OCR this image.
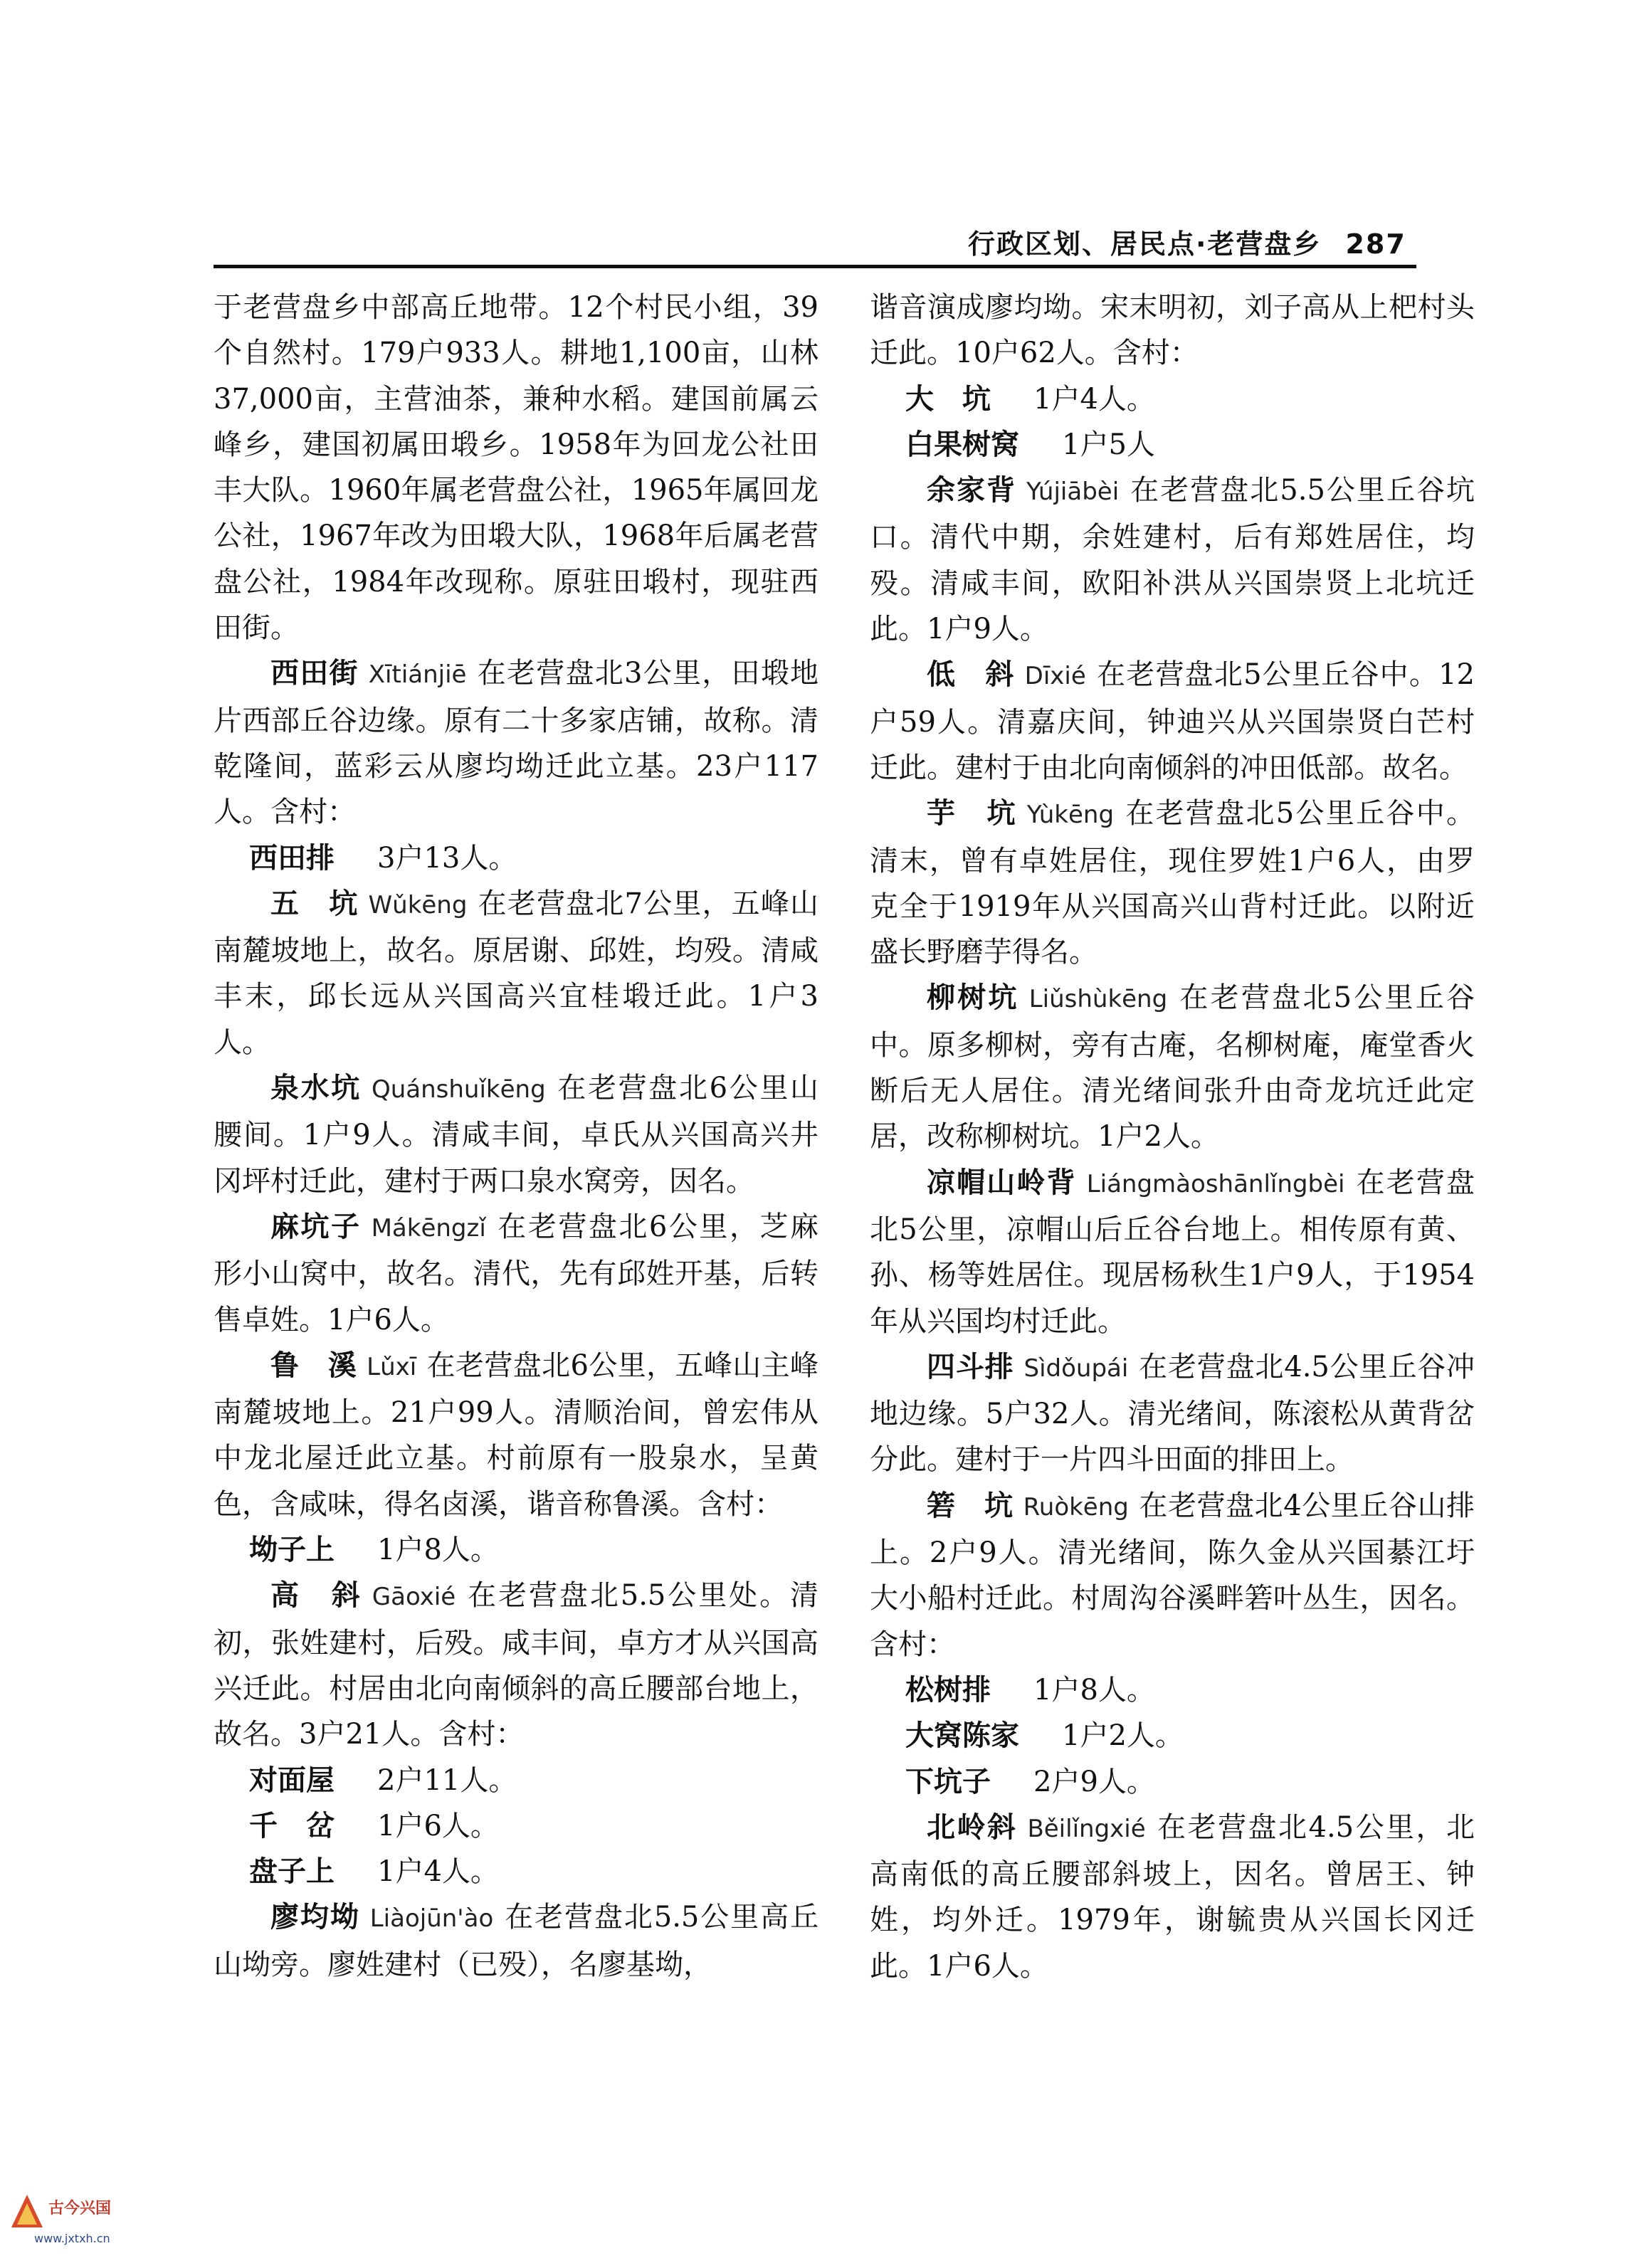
行政区划、居民点·老营盘乡 287

于老营盘乡中部高丘地带。12个村民小组，39个自然村。179户933人。耕地1,100亩，山林37,000亩，主营油茶，兼种水稻。建国前属云峰乡，建国初属田塅乡。1958年为回龙公社田丰大队。1960年属老营盘公社，1965年属回龙公社，1967年改为田塅大队，1968年后属老营盘公社，1984年改现称。原驻田塅村，现驻西田街。

西田街 Xītiánjiē 在老营盘北3公里，田塅地片西部丘谷边缘。原有二十多家店铺，故称。清乾隆间，蓝彩云从廖均坳迁此立基。23户117人。含村：

西田排 3户13人。

五　坑 Wǔkēng 在老营盘北7公里，五峰山南麓坡地上，故名。原居谢、邱姓，均殁。清咸丰末，邱长远从兴国高兴宜桂塅迁此。1户3人。

泉水坑 Quánshuǐkēng 在老营盘北6公里山腰间。1户9人。清咸丰间，卓氏从兴国高兴井冈坪村迁此，建村于两口泉水窝旁，因名。

麻坑子 Mákēngzǐ 在老营盘北6公里，芝麻形小山窝中，故名。清代，先有邱姓开基，后转售卓姓。1户6人。

鲁　溪 Lǔxī 在老营盘北6公里，五峰山主峰南麓坡地上。21户99人。清顺治间，曾宏伟从中龙北屋迁此立基。村前原有一股泉水，呈黄色，含咸味，得名卤溪，谐音称鲁溪。含村：

坳子上 1户8人。

高　斜 Gāoxié 在老营盘北5.5公里处。清初，张姓建村，后殁。咸丰间，卓方才从兴国高兴迁此。村居由北向南倾斜的高丘腰部台地上，故名。3户21人。含村：

对面屋 2户11人。

千　岔 1户6人。

盘子上 1户4人。

廖均坳 Liàojūn'ào 在老营盘北5.5公里高丘山坳旁。廖姓建村（已殁），名廖基坳，

谐音演成廖均坳。宋末明初，刘子高从上杷村头迁此。10户62人。含村：

大　坑 1户4人。

白果树窝 1户5人

余家背 Yújiābèi 在老营盘北5.5公里丘谷坑口。清代中期，余姓建村，后有郑姓居住，均殁。清咸丰间，欧阳补洪从兴国崇贤上北坑迁此。1户9人。

低　斜 Dīxié 在老营盘北5公里丘谷中。12户59人。清嘉庆间，钟迪兴从兴国崇贤白芒村迁此。建村于由北向南倾斜的冲田低部。故名。

芋　坑 Yùkēng 在老营盘北5公里丘谷中。清末，曾有卓姓居住，现住罗姓1户6人，由罗克全于1919年从兴国高兴山背村迁此。以附近盛长野磨芋得名。

柳树坑 Liǔshùkēng 在老营盘北5公里丘谷中。原多柳树，旁有古庵，名柳树庵，庵堂香火断后无人居住。清光绪间张升由奇龙坑迁此定居，改称柳树坑。1户2人。

凉帽山岭背 Liángmàoshānlǐngbèi 在老营盘北5公里，凉帽山后丘谷台地上。相传原有黄、孙、杨等姓居住。现居杨秋生1户9人，于1954年从兴国均村迁此。

四斗排 Sìdǒupái 在老营盘北4.5公里丘谷冲地边缘。5户32人。清光绪间，陈滚松从黄背岔分此。建村于一片四斗田面的排田上。

箬　坑 Ruòkēng 在老营盘北4公里丘谷山排上。2户9人。清光绪间，陈久金从兴国綦江圩大小船村迁此。村周沟谷溪畔箬叶丛生，因名。含村：

松树排 1户8人。

大窝陈家 1户2人。

下坑子 2户9人。

北岭斜 Běilǐngxié 在老营盘北4.5公里，北高南低的高丘腰部斜坡上，因名。曾居王、钟姓，均外迁。1979年，谢毓贵从兴国长冈迁此。1户6人。

古今兴国
www.jxtxh.cn
